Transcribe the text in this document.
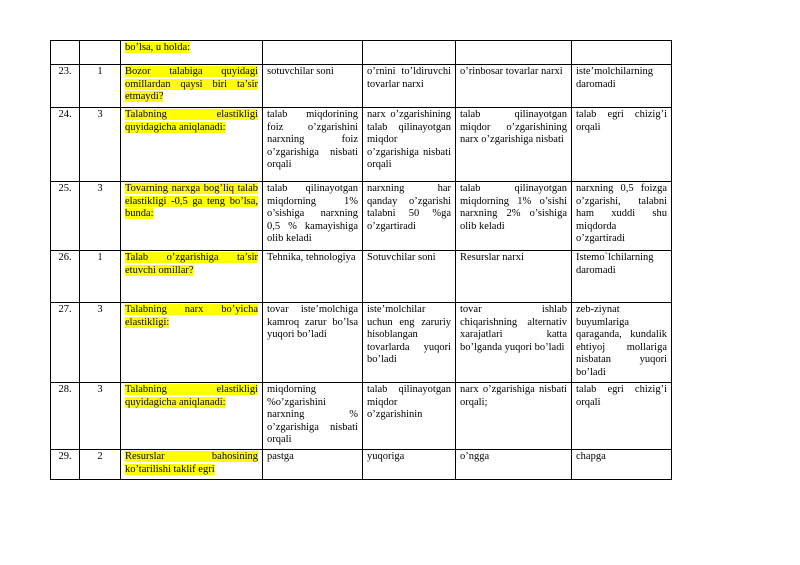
		bo’lsa, u holda:				
23.	1	Bozor talabiga quyidagi omillardan qaysi biri ta’sir etmaydi?	sotuvchilar soni	o’rnini to’ldiruvchi tovarlar narxi	o’rinbosar tovarlar narxi	iste’molchilarning daromadi
24.	3	Talabning elastikligi quyidagicha aniqlanadi:	talab miqdorining foiz o’zgarishini narxning foiz o’zgarishiga nisbati orqali	narx o’zgarishining talab qilinayotgan miqdor o’zgarishiga nisbati orqali	talab qilinayotgan miqdor o’zgarishining narx o’zgarishiga nisbati	talab egri chizig’i orqali
25.	3	Tovarning narxga bog’liq talab elastikligi -0,5 ga teng bo’lsa, bunda:	talab qilinayotgan miqdorning 1% o’sishiga narxning 0,5 % kamayishiga olib keladi	narxning har qanday o’zgarishi talabni 50 %ga o’zgartiradi	talab qilinayotgan miqdorning 1% o’sishi narxning 2% o’sishiga olib keladi	narxning 0,5 foizga o’zgarishi, talabni ham xuddi shu miqdorda o’zgartiradi
26.	1	Talab o’zgarishiga ta’sir etuvchi omillar?	Tehnika, tehnologiya	Sotuvchilar soni	Resurslar narxi	Istemo`lchilarning daromadi
27.	3	Talabning narx bo’yicha elastikligi:	tovar iste’molchiga kamroq zarur bo’lsa yuqori bo’ladi	iste’molchilar uchun eng zaruriy hisoblangan tovarlarda yuqori bo’ladi	tovar ishlab chiqarishning alternativ xarajatlari katta bo’lganda yuqori bo’ladi	zeb-ziynat buyumlariga qaraganda, kundalik ehtiyoj mollariga nisbatan yuqori bo’ladi
28.	3	Talabning elastikligi quyidagicha aniqlanadi:	miqdorning %o’zgarishini narxning % o’zgarishiga nisbati orqali	talab qilinayotgan miqdor o’zgarishinin	narx o’zgarishiga nisbati orqali;	talab egri chizig’i orqali
29.	2	Resurslar bahosining ko’tarilishi taklif egri	pastga	yuqoriga	o’ngga	chapga
